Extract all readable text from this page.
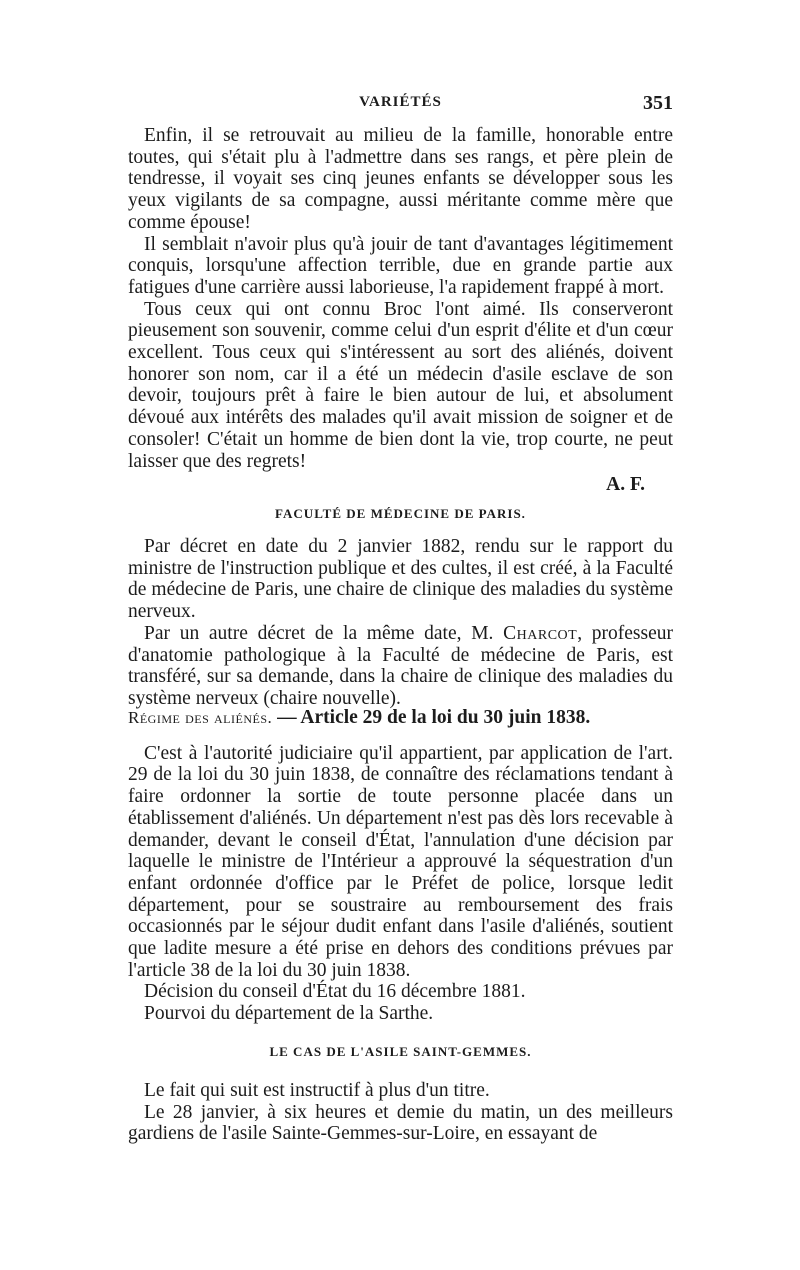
VARIÉTÉS	351

Enfin, il se retrouvait au milieu de la famille, honorable entre toutes, qui s'était plu à l'admettre dans ses rangs, et père plein de tendresse, il voyait ses cinq jeunes enfants se développer sous les yeux vigilants de sa compagne, aussi méritante comme mère que comme épouse!

Il semblait n'avoir plus qu'à jouir de tant d'avantages légitimement conquis, lorsqu'une affection terrible, due en grande partie aux fatigues d'une carrière aussi laborieuse, l'a rapidement frappé à mort.

Tous ceux qui ont connu Broc l'ont aimé. Ils conserveront pieusement son souvenir, comme celui d'un esprit d'élite et d'un cœur excellent. Tous ceux qui s'intéressent au sort des aliénés, doivent honorer son nom, car il a été un médecin d'asile esclave de son devoir, toujours prêt à faire le bien autour de lui, et absolument dévoué aux intérêts des malades qu'il avait mission de soigner et de consoler! C'était un homme de bien dont la vie, trop courte, ne peut laisser que des regrets!

A. F.

FACULTÉ DE MÉDECINE DE PARIS.

Par décret en date du 2 janvier 1882, rendu sur le rapport du ministre de l'instruction publique et des cultes, il est créé, à la Faculté de médecine de Paris, une chaire de clinique des maladies du système nerveux.

Par un autre décret de la même date, M. Charcot, professeur d'anatomie pathologique à la Faculté de médecine de Paris, est transféré, sur sa demande, dans la chaire de clinique des maladies du système nerveux (chaire nouvelle).

Régime des aliénés. — Article 29 de la loi du 30 juin 1838.

C'est à l'autorité judiciaire qu'il appartient, par application de l'art. 29 de la loi du 30 juin 1838, de connaître des réclamations tendant à faire ordonner la sortie de toute personne placée dans un établissement d'aliénés. Un département n'est pas dès lors recevable à demander, devant le conseil d'État, l'annulation d'une décision par laquelle le ministre de l'Intérieur a approuvé la séquestration d'un enfant ordonnée d'office par le Préfet de police, lorsque ledit département, pour se soustraire au remboursement des frais occasionnés par le séjour dudit enfant dans l'asile d'aliénés, soutient que ladite mesure a été prise en dehors des conditions prévues par l'article 38 de la loi du 30 juin 1838.

Décision du conseil d'État du 16 décembre 1881.

Pourvoi du département de la Sarthe.

LE CAS DE L'ASILE SAINT-GEMMES.

Le fait qui suit est instructif à plus d'un titre.

Le 28 janvier, à six heures et demie du matin, un des meilleurs gardiens de l'asile Sainte-Gemmes-sur-Loire, en essayant de
